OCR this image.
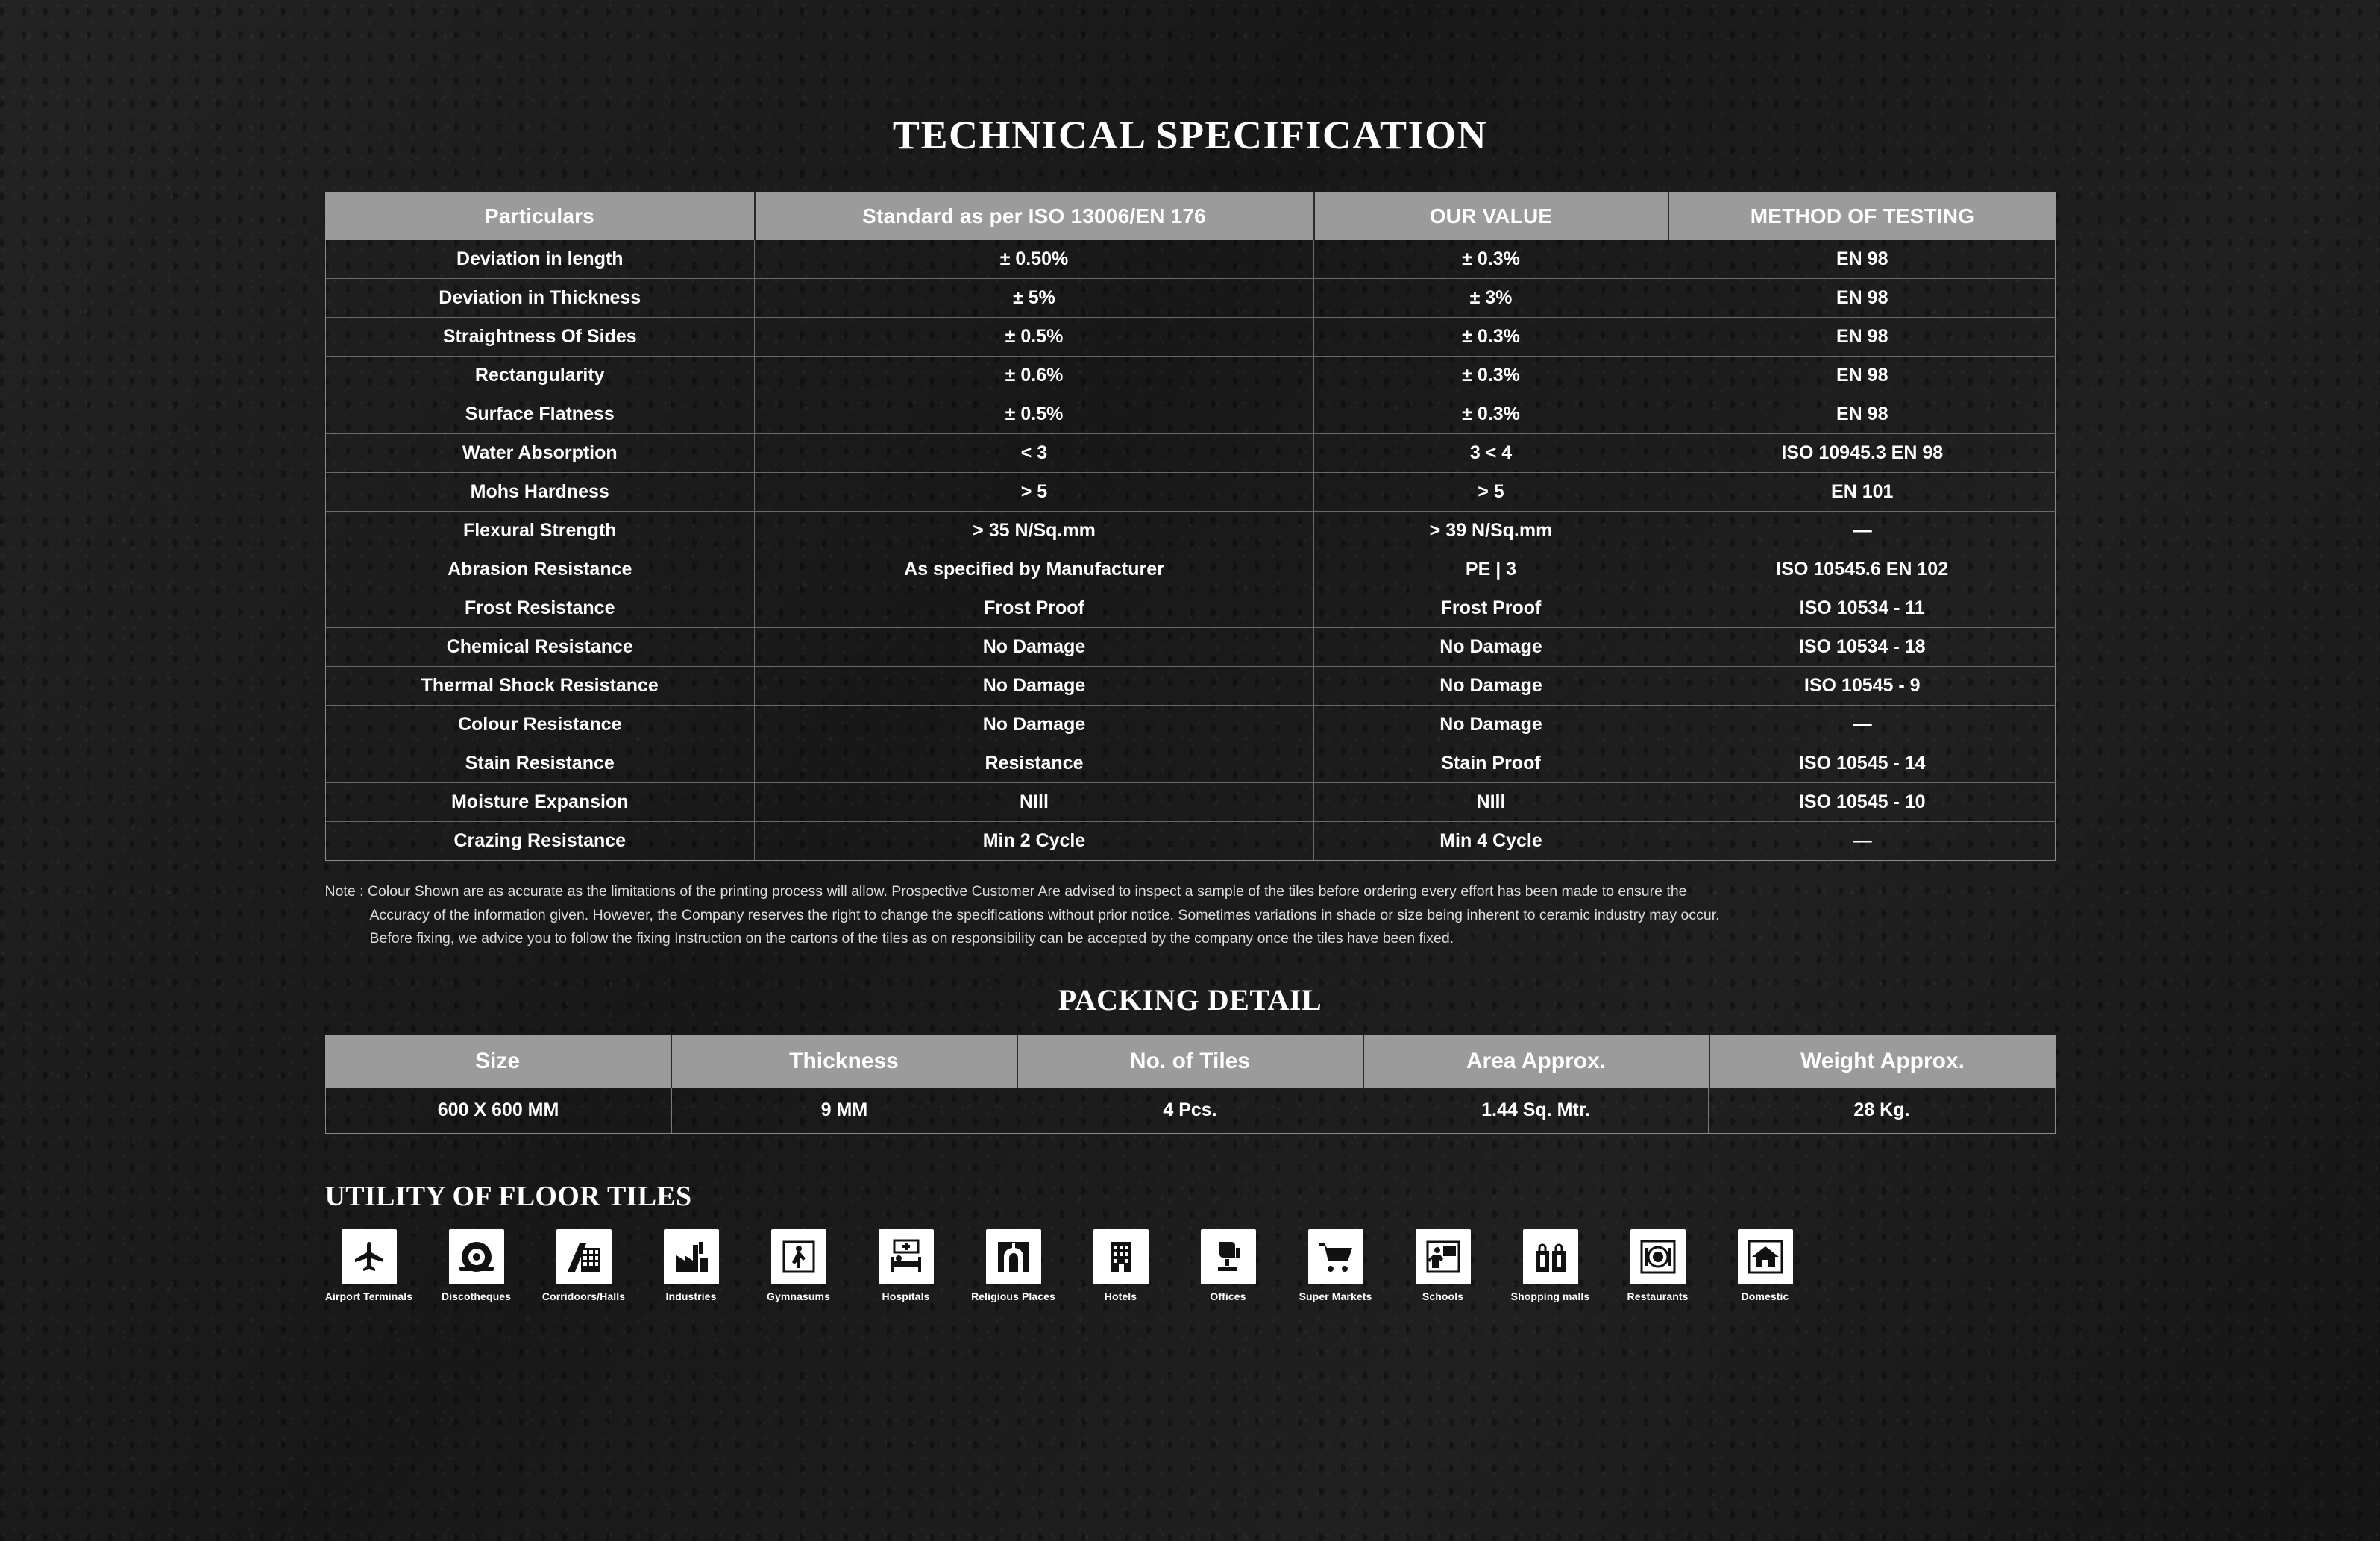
TECHNICAL SPECIFICATION
Particulars	Standard as per ISO 13006/EN 176	OUR VALUE	METHOD OF TESTING
Deviation in length	± 0.50%	± 0.3%	EN 98
Deviation in Thickness	± 5%	± 3%	EN 98
Straightness Of Sides	± 0.5%	± 0.3%	EN 98
Rectangularity	± 0.6%	± 0.3%	EN 98
Surface Flatness	± 0.5%	± 0.3%	EN 98
Water Absorption	< 3	3 < 4	ISO 10945.3 EN 98
Mohs Hardness	> 5	> 5	EN 101
Flexural Strength	> 35 N/Sq.mm	> 39 N/Sq.mm	—
Abrasion Resistance	As specified by Manufacturer	PE | 3	ISO 10545.6 EN 102
Frost Resistance	Frost Proof	Frost Proof	ISO 10534 - 11
Chemical Resistance	No Damage	No Damage	ISO 10534 - 18
Thermal Shock Resistance	No Damage	No Damage	ISO 10545 - 9
Colour Resistance	No Damage	No Damage	—
Stain Resistance	Resistance	Stain Proof	ISO 10545 - 14
Moisture Expansion	NIll	NIll	ISO 10545 - 10
Crazing Resistance	Min 2 Cycle	Min 4 Cycle	—
Note : Colour Shown are as accurate as the limitations of the printing process will allow. Prospective Customer Are advised to inspect a sample of the tiles before ordering every effort has been made to ensure the
Accuracy of the information given. However, the Company reserves the right to change the specifications without prior notice. Sometimes variations in shade or size being inherent to ceramic industry may occur.
Before fixing, we advice you to follow the fixing Instruction on the cartons of the tiles as on responsibility can be accepted by the company once the tiles have been fixed.
PACKING DETAIL
Size	Thickness	No. of Tiles	Area Approx.	Weight Approx.
600 X 600 MM	9 MM	4 Pcs.	1.44 Sq. Mtr.	28 Kg.
UTILITY OF FLOOR TILES
Airport Terminals	Discotheques	Corridoors/Halls	Industries	Gymnasums	Hospitals	Religious Places	Hotels	Offices	Super Markets	Schools	Shopping malls	Restaurants	Domestic
